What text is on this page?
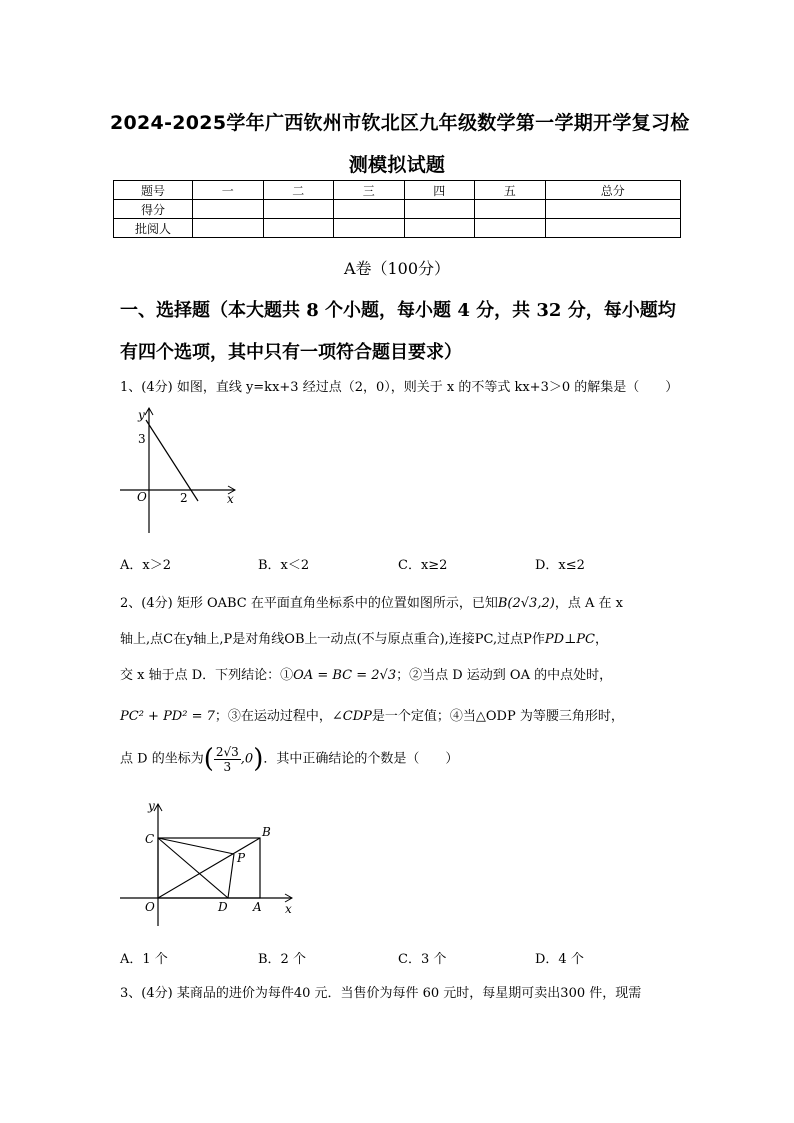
2024-2025学年广西钦州市钦北区九年级数学第一学期开学复习检
测模拟试题
题号	一	二	三	四	五	总分
得分						
批阅人						
A卷（100分）
一、选择题（本大题共 8 个小题，每小题 4 分，共 32 分，每小题均
有四个选项，其中只有一项符合题目要求）
1、(4分) 如图，直线 y=kx+3 经过点（2，0），则关于 x 的不等式 kx+3＞0 的解集是（　　）
y
x
O
3
2
A．x＞2	B．x＜2	C．x≥2	D．x≤2
2、(4分) 矩形 OABC 在平面直角坐标系中的位置如图所示，已知B(2√3,2)，点 A 在 x
轴上,点C在y轴上,P是对角线OB上一动点(不与原点重合),连接PC,过点P作PD⊥PC，
交 x 轴于点 D．下列结论：①OA = BC = 2√3；②当点 D 运动到 OA 的中点处时，
PC² + PD² = 7；③在运动过程中，∠CDP是一个定值；④当△ODP 为等腰三角形时，
点 D 的坐标为( $\frac{2√3}{3} ,0$)．其中正确结论的个数是（　　）
y
x
O	A
B
C
D
P
A．1 个	B．2 个	C．3 个	D．4 个
3、(4分) 某商品的进价为每件40 元．当售价为每件 60 元时，每星期可卖出300 件，现需
